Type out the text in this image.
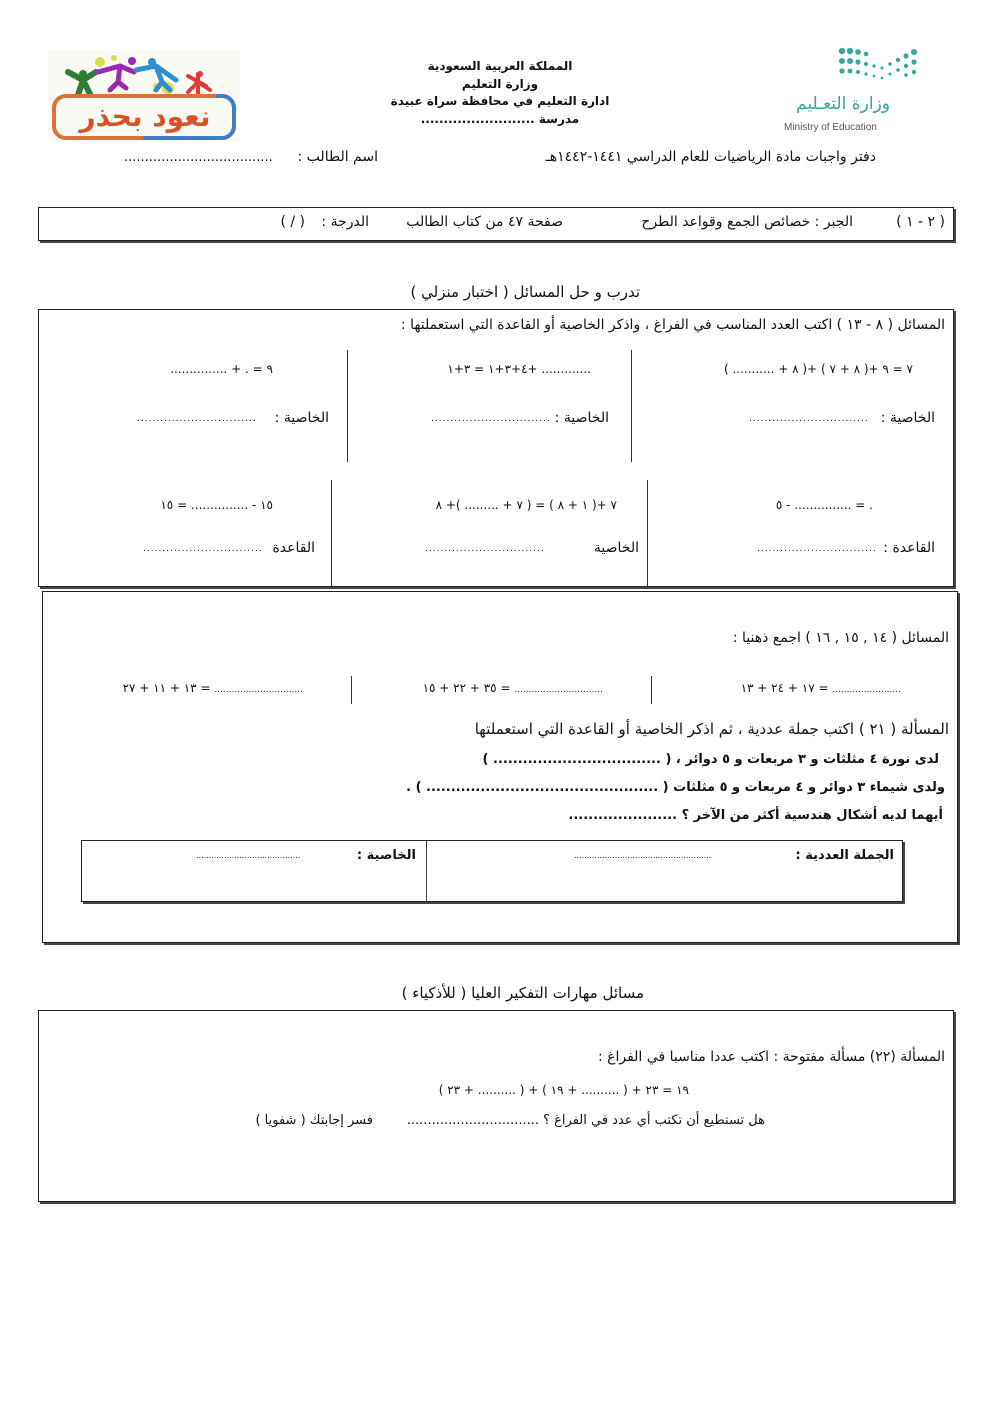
نعود بحذر
المملكة العربية السعودية
وزارة التعليم
ادارة التعليم في محافظة سراة عبيدة
مدرسة .........................
وزارة التعـليم
Ministry of Education
دفتر واجبات مادة الرياضيات للعام الدراسي ١٤٤١-١٤٤٢هـ
اسم الطالب :
....................................
( ٢ - ١ )
الجبر : خصائص الجمع وقواعد الطرح
صفحة ٤٧ من كتاب الطالب
الدرجة :
( / )
تدرب و حل المسائل ( اختبار منزلي )
المسائل ( ٨ - ١٣ ) اكتب العدد المناسب في الفراغ ، واذكر الخاصية أو القاعدة التي استعملتها :
( ........... + ٨ )+ ٧ = ٩ +( ٨ + ٧ )
الخاصية :
...............................
٤+٣+١ = ٣+١+ .............
الخاصية :
...............................
............... + . = ٩
الخاصية :
...............................
٥ - ............... = .
القاعدة :
...............................
٧ +( ١ + ٨ ) = ( ٧ + ......... )+ ٨
الخاصية
...............................
١٥ - ............... = ١٥
القاعدة
...............................
المسائل ( ١٤ , ١٥ , ١٦ ) اجمع ذهنيا :
١٧ + ٢٤ + ١٣ = ........................
٣٥ + ٢٢ + ١٥ = ...............................
١٣ + ١١ + ٢٧ = ...............................
المسألة ( ٢١ ) اكتب جملة عددية ، ثم اذكر الخاصية أو القاعدة التي استعملتها
لدى نورة ٤ مثلثات و ٣ مربعات و ٥ دوائر ، ( .................................. )
ولدى شيماء ٣ دوائر و ٤ مربعات و ٥ مثلثات ( ............................................... ) .
أيهما لديه أشكال هندسية أكثر من الآخر ؟ ......................
الجملة العددية :
......................................................
الخاصية :
.........................................
مسائل مهارات التفكير العليا ( للأذكياء )
المسألة (٢٢) مسألة مفتوحة : اكتب عددا مناسبا في الفراغ :
( ٢٣ + .......... ) + ١٩ = ٢٣ + ( .......... + ١٩ )
هل تستطيع أن تكتب أي عدد في الفراغ ؟ ................................
فسر إجابتك ( شفويا )
